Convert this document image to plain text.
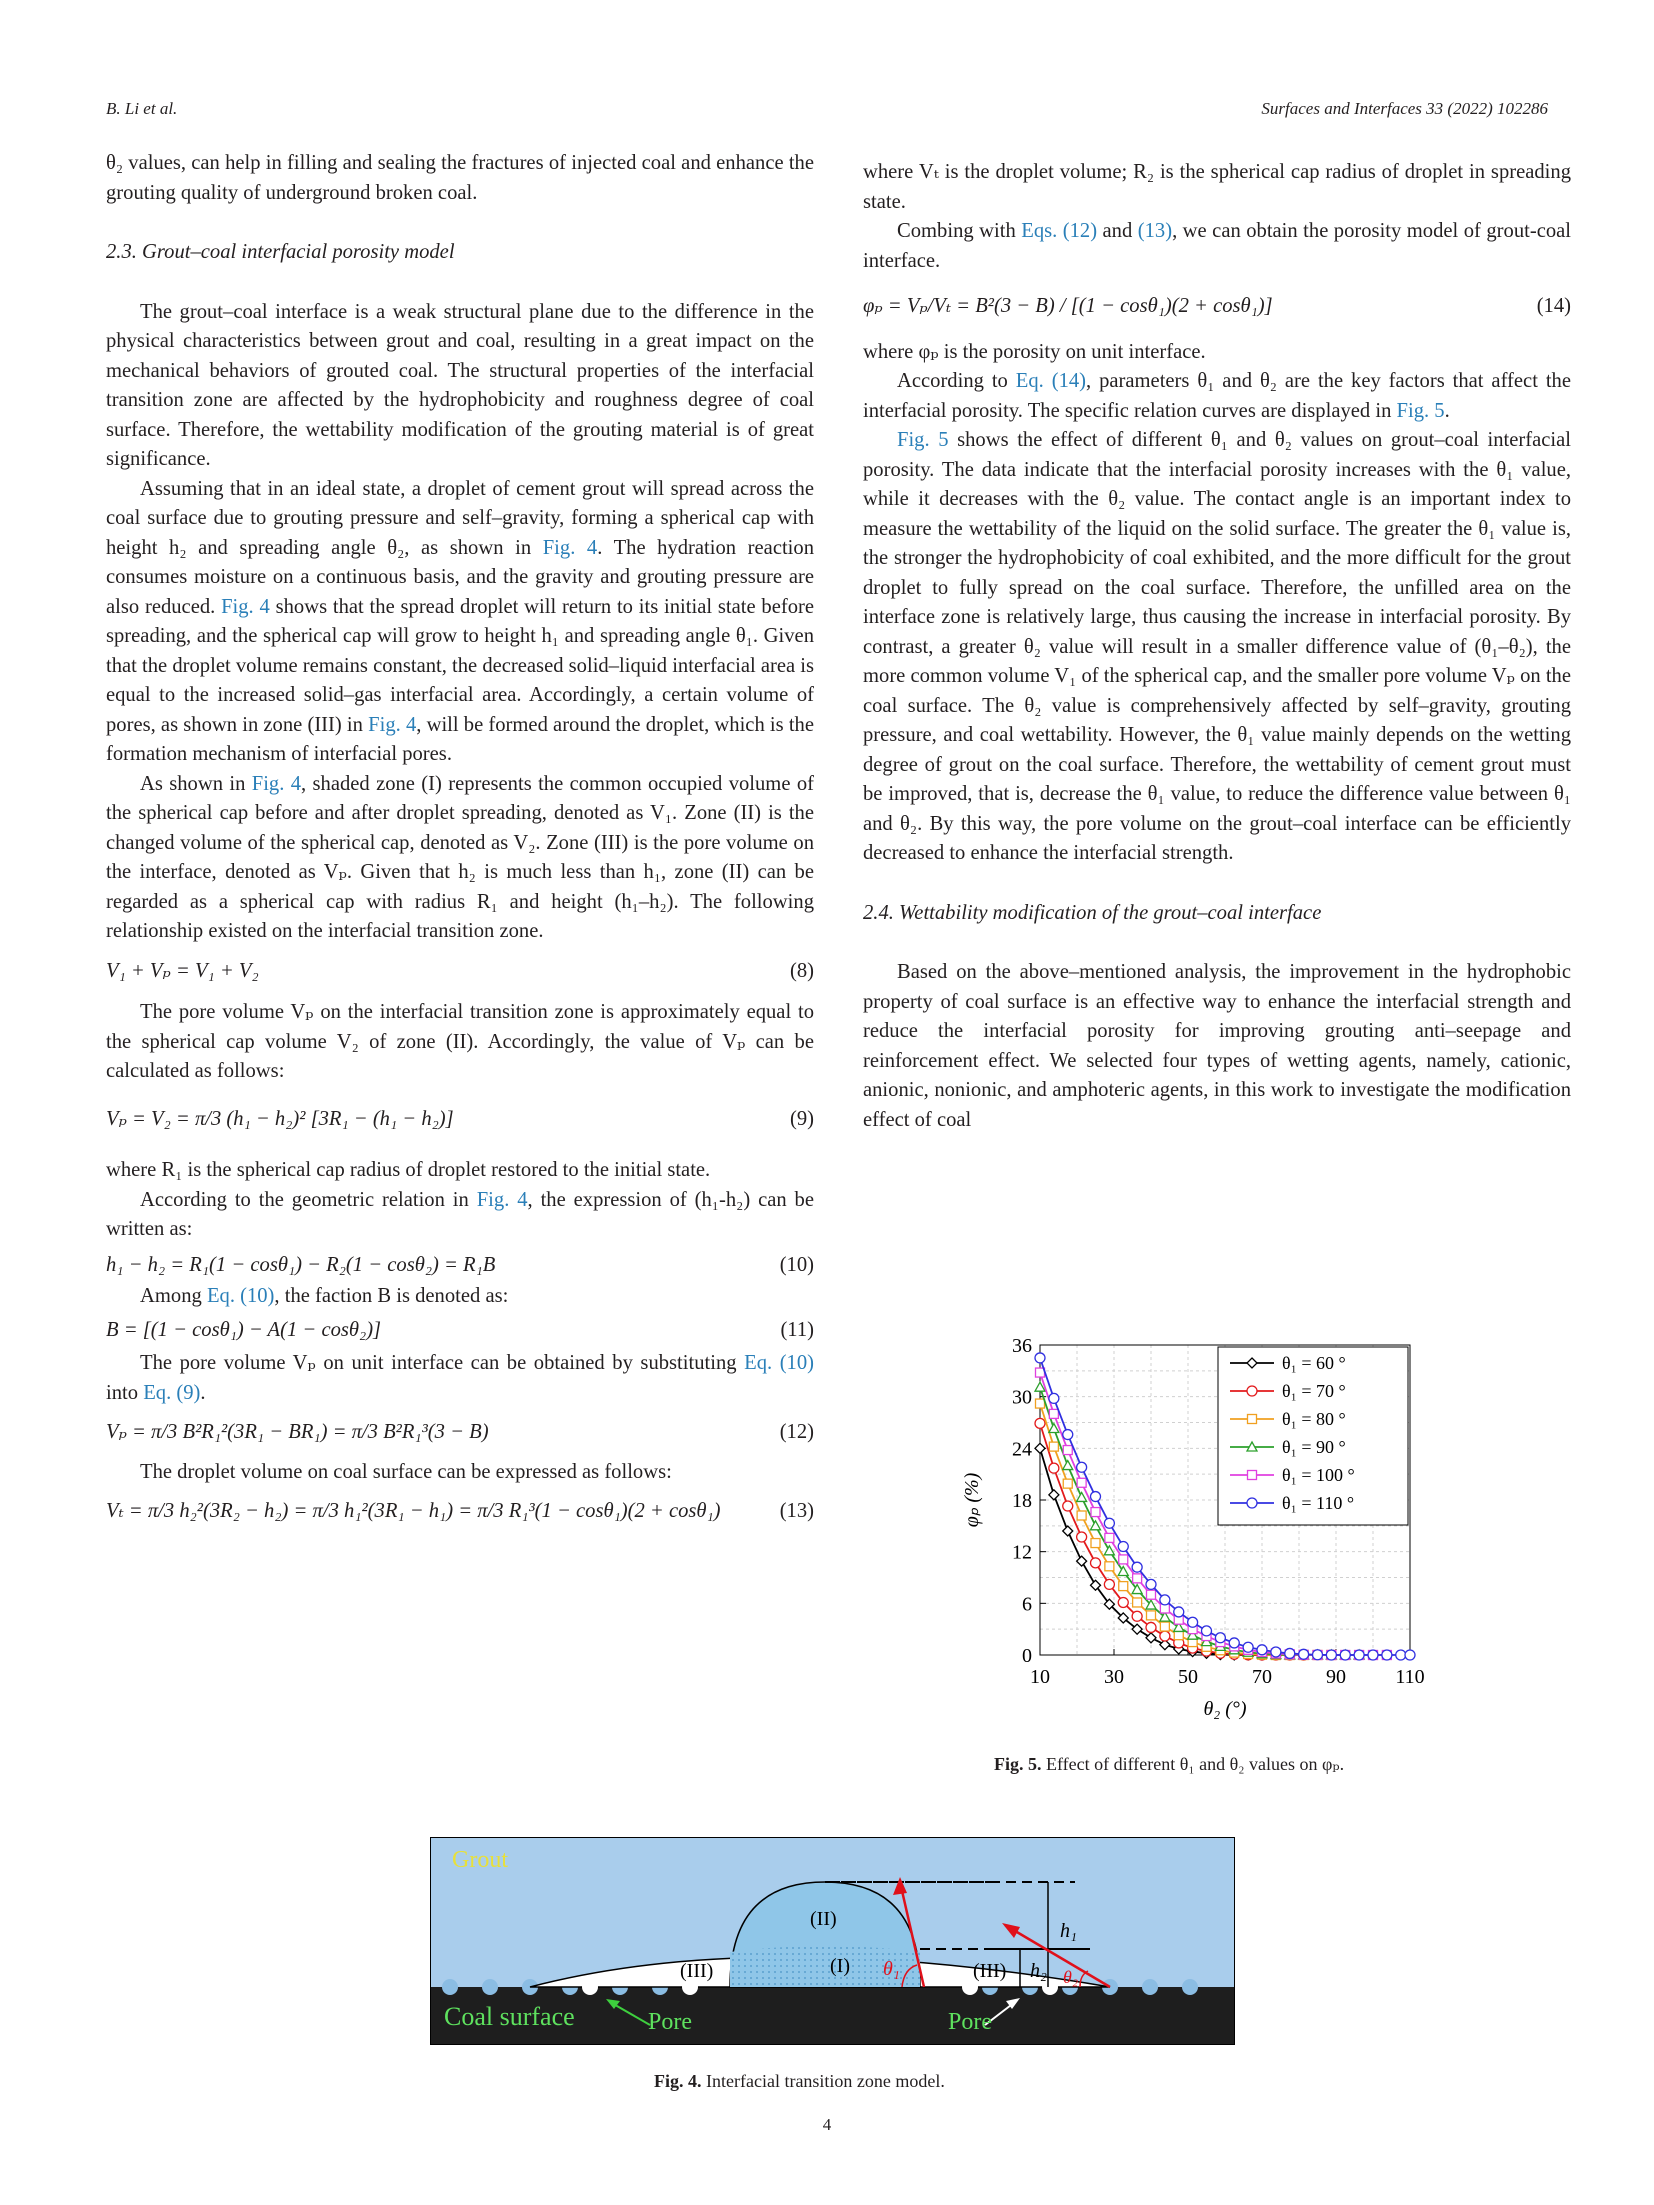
B. Li et al.	Surfaces and Interfaces 33 (2022) 102286

θ₂ values, can help in filling and sealing the fractures of injected coal and enhance the grouting quality of underground broken coal.

2.3. Grout–coal interfacial porosity model

The grout–coal interface is a weak structural plane due to the difference in the physical characteristics between grout and coal, resulting in a great impact on the mechanical behaviors of grouted coal. The structural properties of the interfacial transition zone are affected by the hydrophobicity and roughness degree of coal surface. Therefore, the wettability modification of the grouting material is of great significance.

Assuming that in an ideal state, a droplet of cement grout will spread across the coal surface due to grouting pressure and self–gravity, forming a spherical cap with height h₂ and spreading angle θ₂, as shown in Fig. 4. The hydration reaction consumes moisture on a continuous basis, and the gravity and grouting pressure are also reduced. Fig. 4 shows that the spread droplet will return to its initial state before spreading, and the spherical cap will grow to height h₁ and spreading angle θ₁. Given that the droplet volume remains constant, the decreased solid–liquid interfacial area is equal to the increased solid–gas interfacial area. Accordingly, a certain volume of pores, as shown in zone (III) in Fig. 4, will be formed around the droplet, which is the formation mechanism of interfacial pores.

As shown in Fig. 4, shaded zone (I) represents the common occupied volume of the spherical cap before and after droplet spreading, denoted as V₁. Zone (II) is the changed volume of the spherical cap, denoted as V₂. Zone (III) is the pore volume on the interface, denoted as Vₚ. Given that h₂ is much less than h₁, zone (II) can be regarded as a spherical cap with radius R₁ and height (h₁–h₂). The following relationship existed on the interfacial transition zone.

V₁ + Vₚ = V₁ + V₂	(8)

The pore volume Vₚ on the interfacial transition zone is approximately equal to the spherical cap volume V₂ of zone (II). Accordingly, the value of Vₚ can be calculated as follows:

Vₚ = V₂ = π/3 (h₁ − h₂)² [3R₁ − (h₁ − h₂)]	(9)

where R₁ is the spherical cap radius of droplet restored to the initial state.

According to the geometric relation in Fig. 4, the expression of (h₁-h₂) can be written as:

h₁ − h₂ = R₁(1 − cosθ₁) − R₂(1 − cosθ₂) = R₁B	(10)

Among Eq. (10), the faction B is denoted as:

B = [(1 − cosθ₁) − A(1 − cosθ₂)]	(11)

The pore volume Vₚ on unit interface can be obtained by substituting Eq. (10) into Eq. (9).

Vₚ = π/3 B²R₁²(3R₁ − BR₁) = π/3 B²R₁³(3 − B)	(12)

The droplet volume on coal surface can be expressed as follows:

Vₜ = π/3 h₂²(3R₂ − h₂) = π/3 h₁²(3R₁ − h₁) = π/3 R₁³(1 − cosθ₁)(2 + cosθ₁)	(13)

where Vₜ is the droplet volume; R₂ is the spherical cap radius of droplet in spreading state.

Combing with Eqs. (12) and (13), we can obtain the porosity model of grout-coal interface.

φₚ = Vₚ/Vₜ = B²(3 − B) / [(1 − cosθ₁)(2 + cosθ₁)]	(14)

where φₚ is the porosity on unit interface.

According to Eq. (14), parameters θ₁ and θ₂ are the key factors that affect the interfacial porosity. The specific relation curves are displayed in Fig. 5.

Fig. 5 shows the effect of different θ₁ and θ₂ values on grout–coal interfacial porosity. The data indicate that the interfacial porosity increases with the θ₁ value, while it decreases with the θ₂ value. The contact angle is an important index to measure the wettability of the liquid on the solid surface. The greater the θ₁ value is, the stronger the hydrophobicity of coal exhibited, and the more difficult for the grout droplet to fully spread on the coal surface. Therefore, the unfilled area on the interface zone is relatively large, thus causing the increase in interfacial porosity. By contrast, a greater θ₂ value will result in a smaller difference value of (θ₁–θ₂), the more common volume V₁ of the spherical cap, and the smaller pore volume Vₚ on the coal surface. The θ₂ value is comprehensively affected by self–gravity, grouting pressure, and coal wettability. However, the θ₁ value mainly depends on the wetting degree of grout on the coal surface. Therefore, the wettability of cement grout must be improved, that is, decrease the θ₁ value, to reduce the difference value between θ₁ and θ₂. By this way, the pore volume on the grout–coal interface can be efficiently decreased to enhance the interfacial strength.

2.4. Wettability modification of the grout–coal interface

Based on the above–mentioned analysis, the improvement in the hydrophobic property of coal surface is an effective way to enhance the interfacial strength and reduce the interfacial porosity for improving grouting anti–seepage and reinforcement effect. We selected four types of wetting agents, namely, cationic, anionic, nonionic, and amphoteric agents, in this work to investigate the modification effect of coal

10	30	50	70	90 110
0
6
12
18
24
30
36
θ₂ (°)
φₚ (%)
θ₁ = 60 °
θ₁ = 70 °
θ₁ = 80 °
θ₁ = 90 °
θ₁ = 100 °
θ₁ = 110 °
Fig. 5. Effect of different θ₁ and θ₂ values on φₚ.
Grout
Coal surface	Pore	Pore
(II)
(I)
(III)	(III)
θ₁	θ₂
h₁
h₂
Fig. 4. Interfacial transition zone model.
4
